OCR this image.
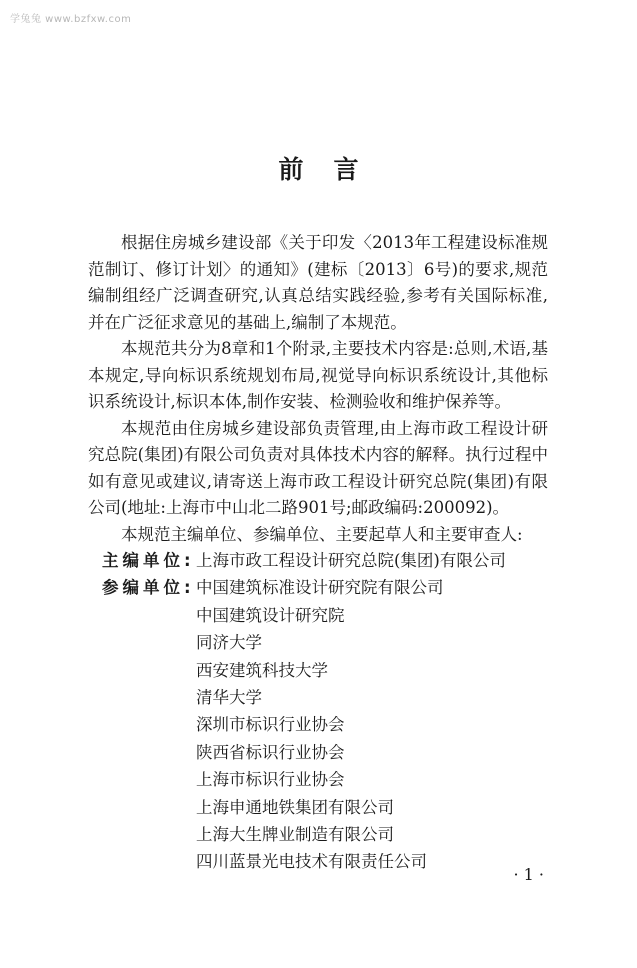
学兔兔 www.bzfxw.com
前言

根据住房城乡建设部《关于印发〈2013年工程建设标准规范制订、修订计划〉的通知》(建标〔2013〕6号)的要求,规范编制组经广泛调查研究,认真总结实践经验,参考有关国际标准,并在广泛征求意见的基础上,编制了本规范。

本规范共分为8章和1个附录,主要技术内容是:总则,术语,基本规定,导向标识系统规划布局,视觉导向标识系统设计,其他标识系统设计,标识本体,制作安装、检测验收和维护保养等。

本规范由住房城乡建设部负责管理,由上海市政工程设计研究总院(集团)有限公司负责对具体技术内容的解释。执行过程中如有意见或建议,请寄送上海市政工程设计研究总院(集团)有限公司(地址:上海市中山北二路901号;邮政编码:200092)。

本规范主编单位、参编单位、主要起草人和主要审查人:
主编单位: 上海市政工程设计研究总院(集团)有限公司
参编单位: 中国建筑标准设计研究院有限公司
中国建筑设计研究院
同济大学
西安建筑科技大学
清华大学
深圳市标识行业协会
陕西省标识行业协会
上海市标识行业协会
上海申通地铁集团有限公司
上海大生牌业制造有限公司
四川蓝景光电技术有限责任公司
· 1 ·
